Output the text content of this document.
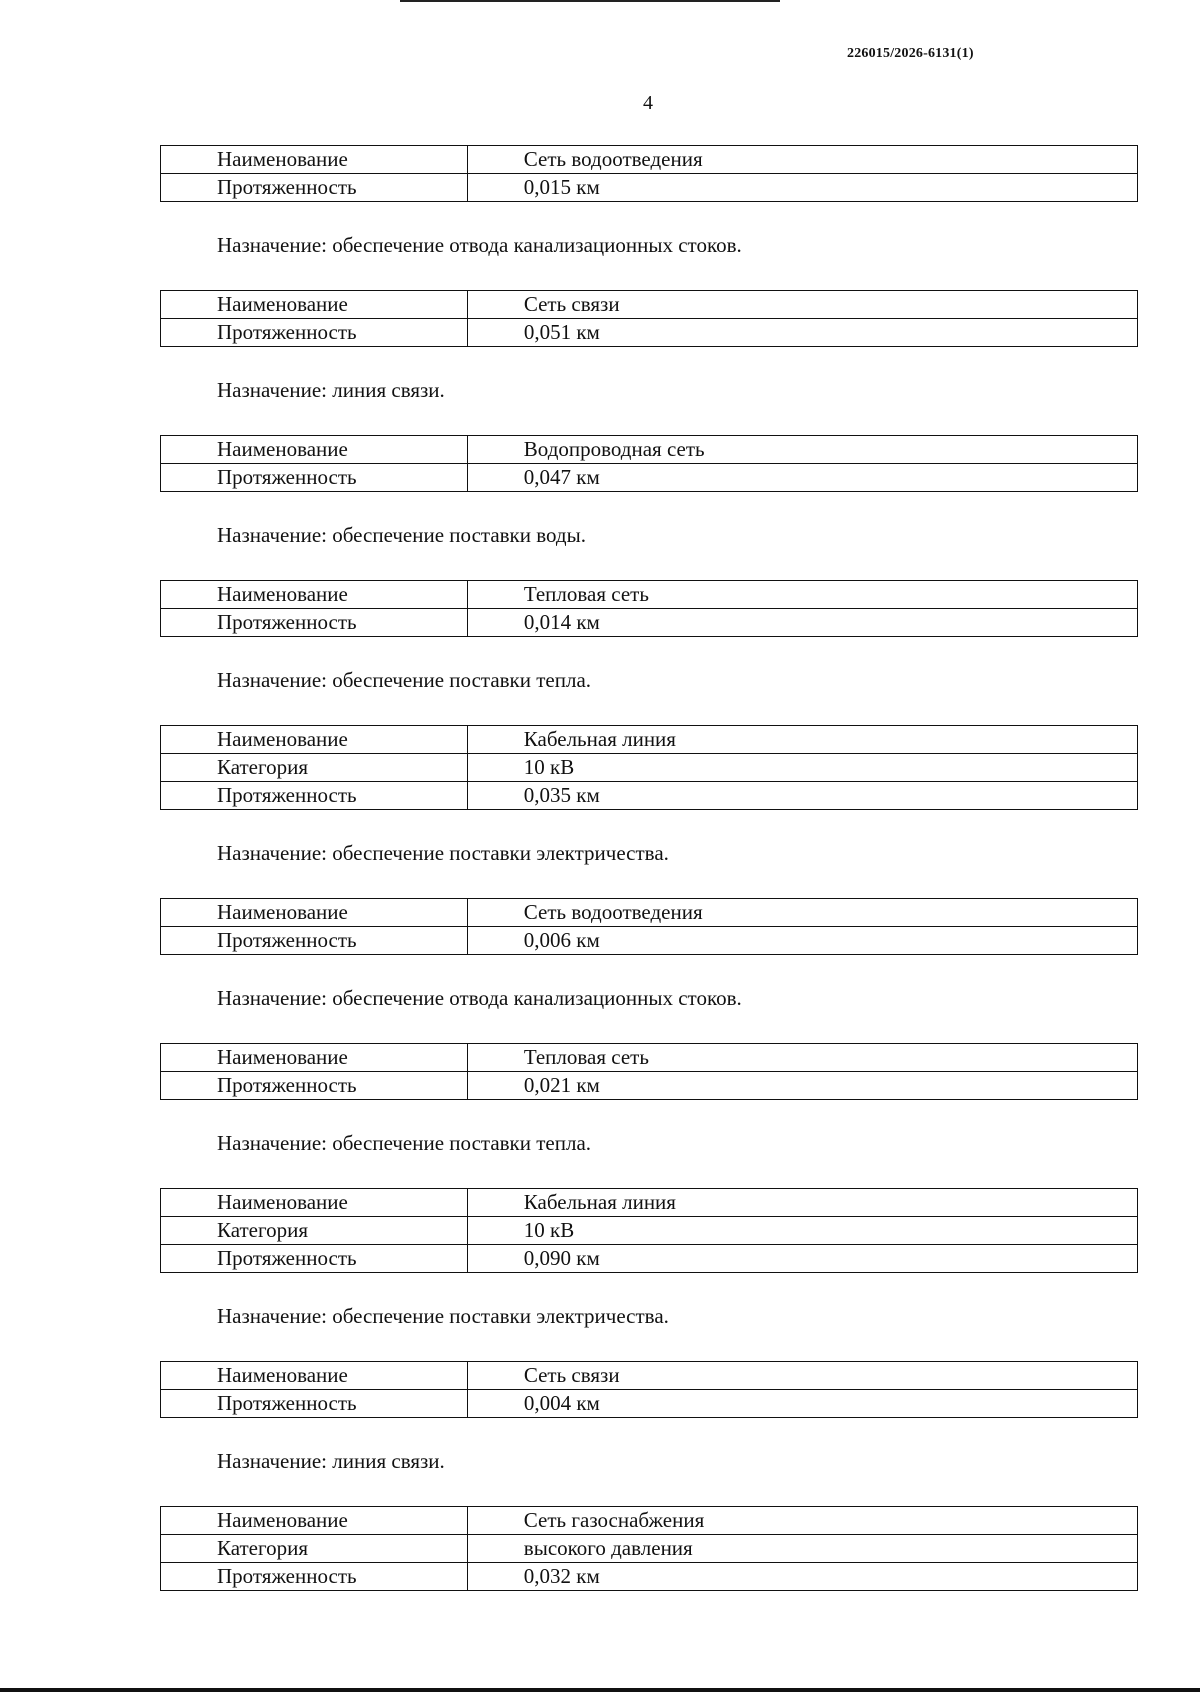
226015/2026-6131(1)
4
Наименование	Сеть водоотведения
Протяженность	0,015 км
Назначение: обеспечение отвода канализационных стоков.
Наименование	Сеть связи
Протяженность	0,051 км
Назначение: линия связи.
Наименование	Водопроводная сеть
Протяженность	0,047 км
Назначение: обеспечение поставки воды.
Наименование	Тепловая сеть
Протяженность	0,014 км
Назначение: обеспечение поставки тепла.
Наименование	Кабельная линия
Категория	10 кВ
Протяженность	0,035 км
Назначение: обеспечение поставки электричества.
Наименование	Сеть водоотведения
Протяженность	0,006 км
Назначение: обеспечение отвода канализационных стоков.
Наименование	Тепловая сеть
Протяженность	0,021 км
Назначение: обеспечение поставки тепла.
Наименование	Кабельная линия
Категория	10 кВ
Протяженность	0,090 км
Назначение: обеспечение поставки электричества.
Наименование	Сеть связи
Протяженность	0,004 км
Назначение: линия связи.
Наименование	Сеть газоснабжения
Категория	высокого давления
Протяженность	0,032 км
